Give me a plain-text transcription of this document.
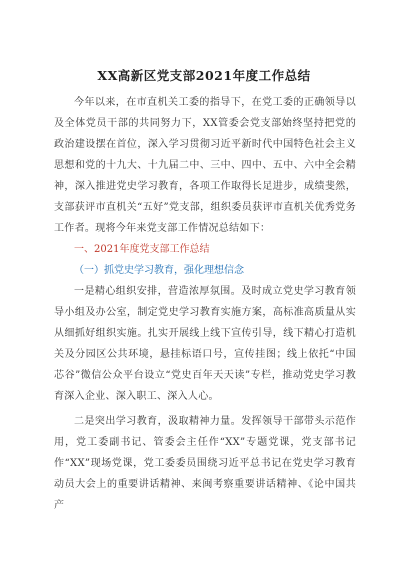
XX高新区党支部2021年度工作总结

今年以来，在市直机关工委的指导下，在党工委的正确领导以及全体党员干部的共同努力下，XX管委会党支部始终坚持把党的政治建设摆在首位，深入学习贯彻习近平新时代中国特色社会主义思想和党的十九大、十九届二中、三中、四中、五中、六中全会精神，深入推进党史学习教育，各项工作取得长足进步，成绩斐然，支部获评市直机关“五好”党支部，组织委员获评市直机关优秀党务工作者。现将今年来党支部工作情况总结如下：

一、2021年度党支部工作总结
（一）抓党史学习教育，强化理想信念

一是精心组织安排，营造浓厚氛围。及时成立党史学习教育领导小组及办公室，制定党史学习教育实施方案，高标准高质量从实从细抓好组织实施。扎实开展线上线下宣传引导，线下精心打造机关及分园区公共环境，悬挂标语口号，宣传挂图；线上依托“中国芯谷”微信公众平台设立“党史百年天天读”专栏，推动党史学习教育深入企业、深入职工、深入人心。

二是突出学习教育，汲取精神力量。发挥领导干部带头示范作用，党工委副书记、管委会主任作“XX”专题党课，党支部书记作“XX”现场党课，党工委委员围绕习近平总书记在党史学习教育动员大会上的重要讲话精神、来闽考察重要讲话精神、《论中国共产
